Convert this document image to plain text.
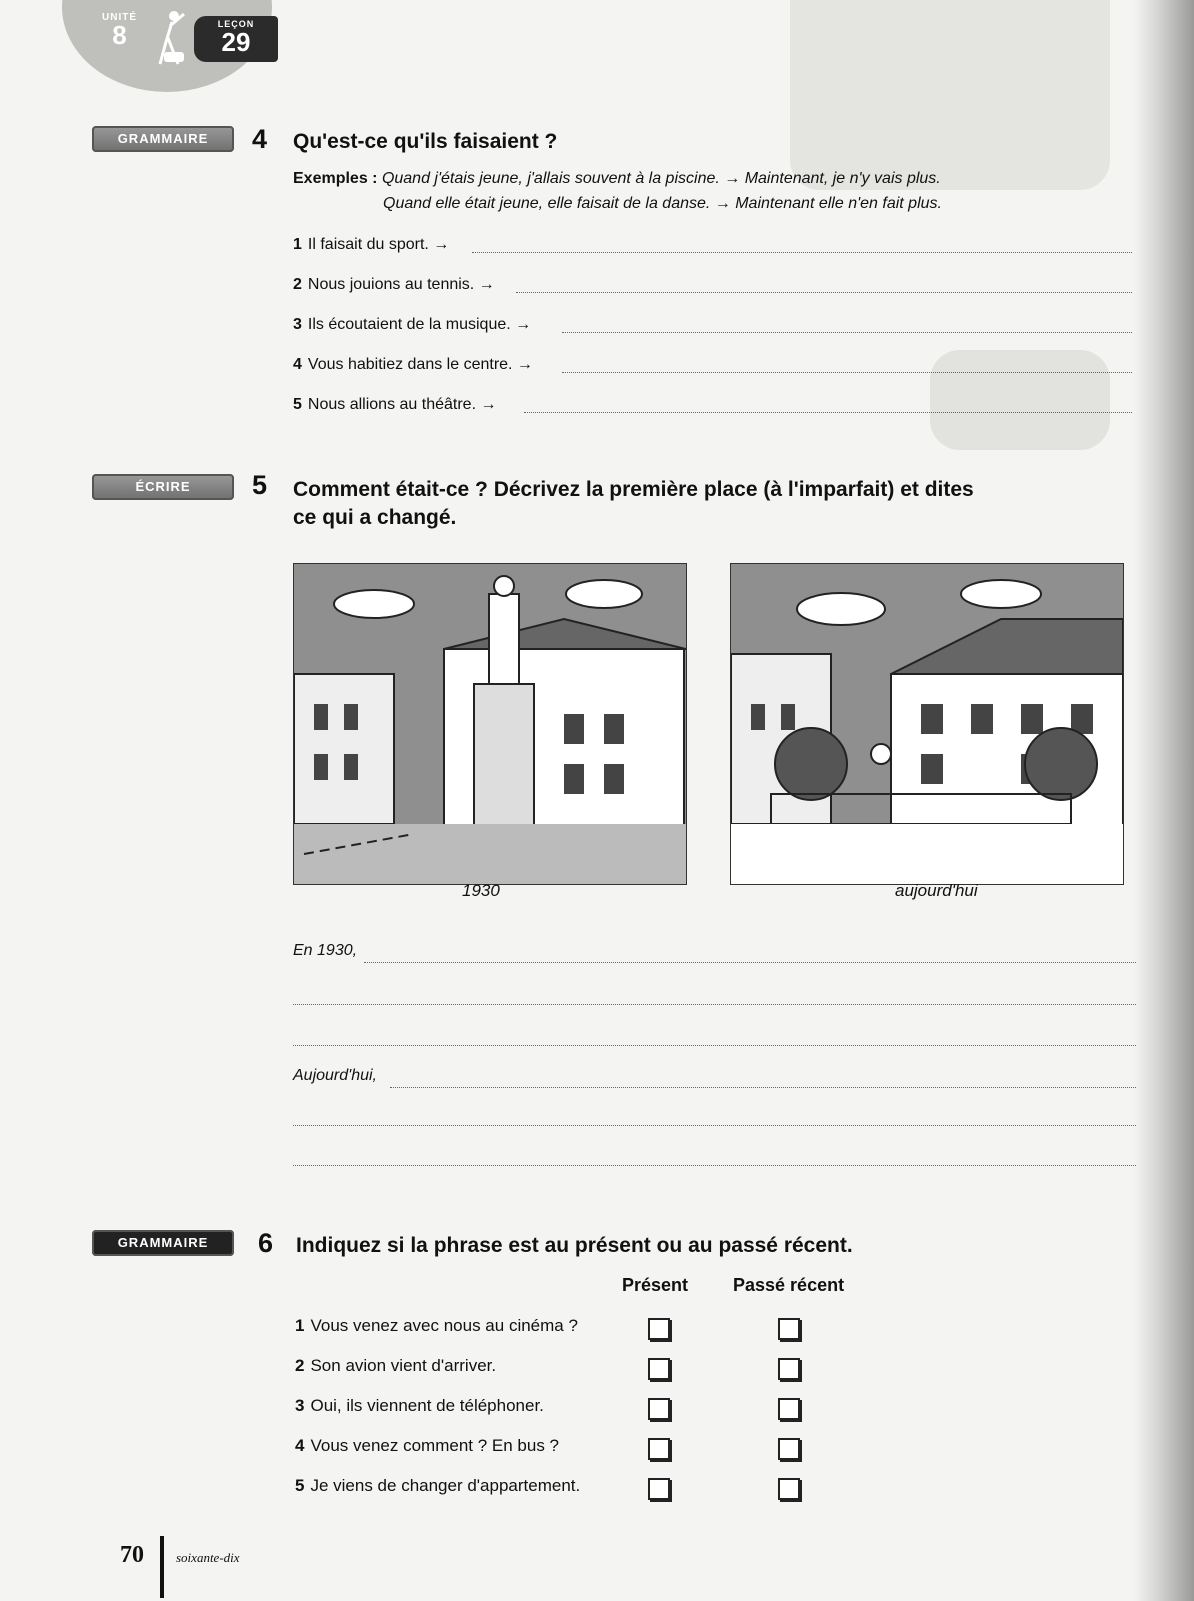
UNITÉ
8	LEÇON
29
GRAMMAIRE	4 Qu'est-ce qu'ils faisaient ?
Exemples : Quand j'étais jeune, j'allais souvent à la piscine. → Maintenant, je n'y vais plus.
Quand elle était jeune, elle faisait de la danse. → Maintenant elle n'en fait plus.
1 Il faisait du sport. →
2 Nous jouions au tennis. →
3 Ils écoutaient de la musique. →
4 Vous habitiez dans le centre. →
5 Nous allions au théâtre. →
ÉCRIRE	5 Comment était-ce ? Décrivez la première place (à l'imparfait) et dites
ce qui a changé.
1930	aujourd'hui
En 1930,
Aujourd'hui,
GRAMMAIRE	6 Indiquez si la phrase est au présent ou au passé récent.
Présent Passé récent
1 Vous venez avec nous au cinéma ?
2 Son avion vient d'arriver.
3 Oui, ils viennent de téléphoner.
4 Vous venez comment ? En bus ?
5 Je viens de changer d'appartement.
70 soixante-dix
